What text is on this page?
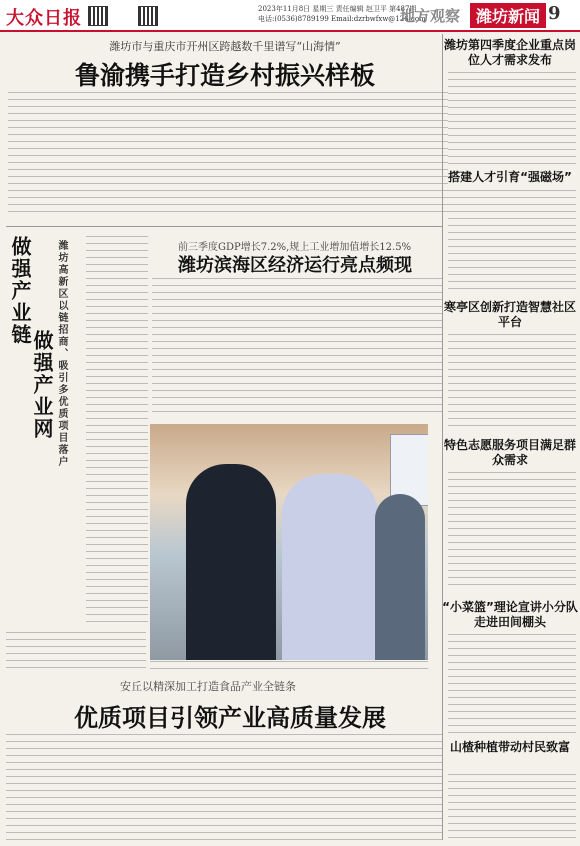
大众日报	2023年11月8日 星期三 责任编辑 赵卫平 第487期
电话:(0536)8789199 Email:dzrbwfxw@126.com
地方观察 潍坊新闻 9
潍坊市与重庆市开州区跨越数千里谱写“山海情”
鲁渝携手打造乡村振兴样板
做强产业链
做强产业网 潍坊高新区以链招商、吸引多优质项目落户	前三季度GDP增长7.2%,规上工业增加值增长12.5%
潍坊滨海区经济运行亮点频现
安丘以精深加工打造食品产业全链条
优质项目引领产业高质量发展
潍坊第四季度企业重点岗位人才需求发布
搭建人才引育“强磁场”
寒亭区创新打造智慧社区平台
特色志愿服务项目满足群众需求
“小菜篮”理论宣讲小分队走进田间棚头
山楂种植带动村民致富
